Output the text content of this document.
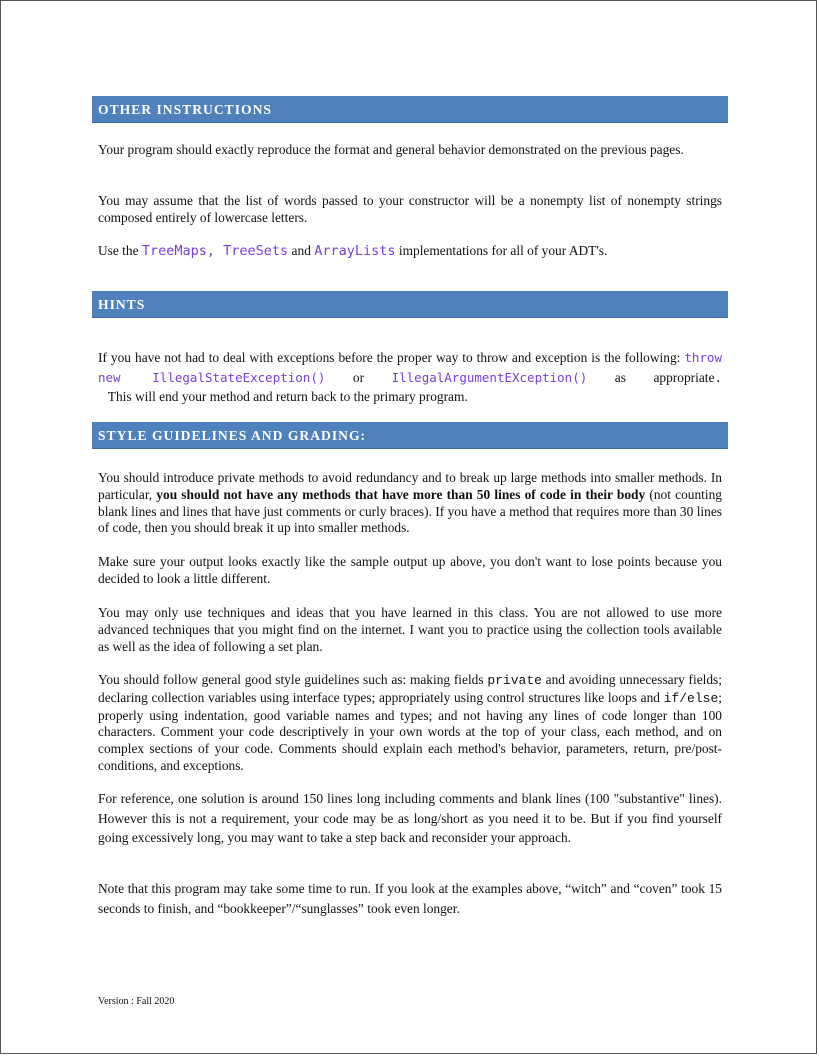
OTHER INSTRUCTIONS

Your program should exactly reproduce the format and general behavior demonstrated on the previous pages.

You may assume that the list of words passed to your constructor will be a nonempty list of nonempty strings composed entirely of lowercase letters.

Use the TreeMaps, TreeSets and ArrayLists implementations for all of your ADT's.

HINTS

If you have not had to deal with exceptions before the proper way to throw and exception is the following: throw new IllegalStateException() or IllegalArgumentEXception() as appropriate.   This will end your method and return back to the primary program.

STYLE GUIDELINES AND GRADING:

You should introduce private methods to avoid redundancy and to break up large methods into smaller methods. In particular, you should not have any methods that have more than 50 lines of code in their body (not counting blank lines and lines that have just comments or curly braces). If you have a method that requires more than 30 lines of code, then you should break it up into smaller methods.

Make sure your output looks exactly like the sample output up above, you don't want to lose points because you decided to look a little different.

You may only use techniques and ideas that you have learned in this class. You are not allowed to use more advanced techniques that you might find on the internet. I want you to practice using the collection tools available as well as the idea of following a set plan.

You should follow general good style guidelines such as: making fields private and avoiding unnecessary fields; declaring collection variables using interface types; appropriately using control structures like loops and if/else; properly using indentation, good variable names and types; and not having any lines of code longer than 100 characters. Comment your code descriptively in your own words at the top of your class, each method, and on complex sections of your code. Comments should explain each method's behavior, parameters, return, pre/post-conditions, and exceptions.

For reference, one solution is around 150 lines long including comments and blank lines (100 "substantive" lines). However this is not a requirement, your code may be as long/short as you need it to be. But if you find yourself going excessively long, you may want to take a step back and reconsider your approach.

Note that this program may take some time to run. If you look at the examples above, “witch” and “coven” took 15 seconds to finish, and “bookkeeper”/“sunglasses” took even longer.

Version : Fall 2020
